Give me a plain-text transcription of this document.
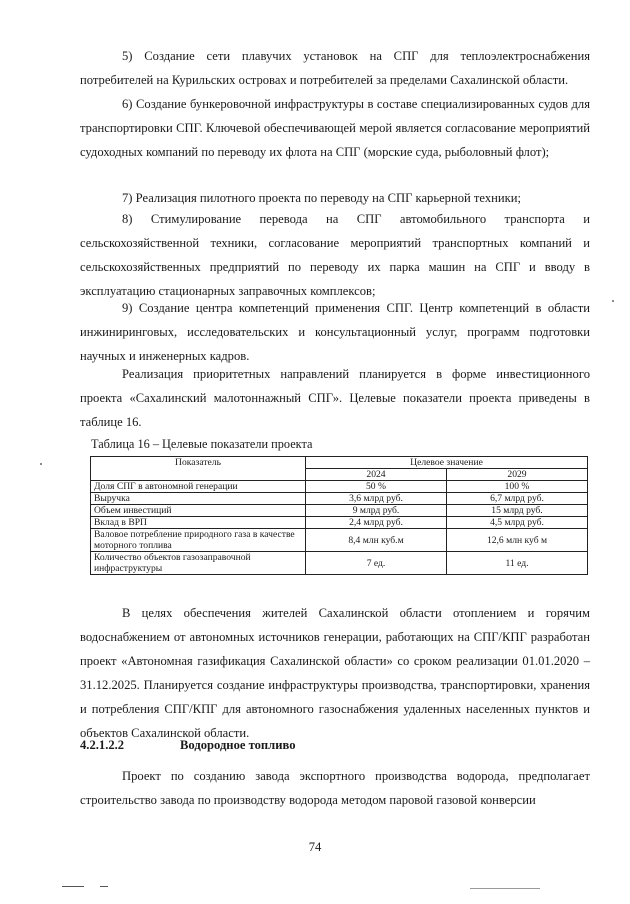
5) Создание сети плавучих установок на СПГ для теплоэлектроснабжения потребителей на Курильских островах и потребителей за пределами Сахалинской области.

6) Создание бункеровочной инфраструктуры в составе специализированных судов для транспортировки СПГ. Ключевой обеспечивающей мерой является согласование мероприятий судоходных компаний по переводу их флота на СПГ (морские суда, рыболовный флот);

7) Реализация пилотного проекта по переводу на СПГ карьерной техники;

8) Стимулирование перевода на СПГ автомобильного транспорта и сельскохозяйственной техники, согласование мероприятий транспортных компаний и сельскохозяйственных предприятий по переводу их парка машин на СПГ и вводу в эксплуатацию стационарных заправочных комплексов;

9) Создание центра компетенций применения СПГ. Центр компетенций в области инжиниринговых, исследовательских и консультационный услуг, программ подготовки научных и инженерных кадров.

Реализация приоритетных направлений планируется в форме инвестиционного проекта «Сахалинский малотоннажный СПГ». Целевые показатели проекта приведены в таблице 16.

Таблица 16 – Целевые показатели проекта

Показатель	Целевое значение	
	2024	2029
Доля СПГ в автономной генерации	50 %	100 %
Выручка	3,6 млрд руб.	6,7 млрд руб.
Объем инвестиций	9 млрд руб.	15 млрд руб.
Вклад в ВРП	2,4 млрд руб.	4,5 млрд руб.
Валовое потребление природного газа в качестве моторного топлива	8,4 млн куб.м	12,6 млн куб м
Количество объектов газозаправочной инфраструктуры	7 ед.	11 ед.

В целях обеспечения жителей Сахалинской области отоплением и горячим водоснабжением от автономных источников генерации, работающих на СПГ/КПГ разработан проект «Автономная газификация Сахалинской области» со сроком реализации 01.01.2020 – 31.12.2025. Планируется создание инфраструктуры производства, транспортировки, хранения и потребления СПГ/КПГ для автономного газоснабжения удаленных населенных пунктов и объектов Сахалинской области.

4.2.1.2.2	Водородное топливо

Проект по созданию завода экспортного производства водорода, предполагает строительство завода по производству водорода методом паровой газовой конверсии

74
